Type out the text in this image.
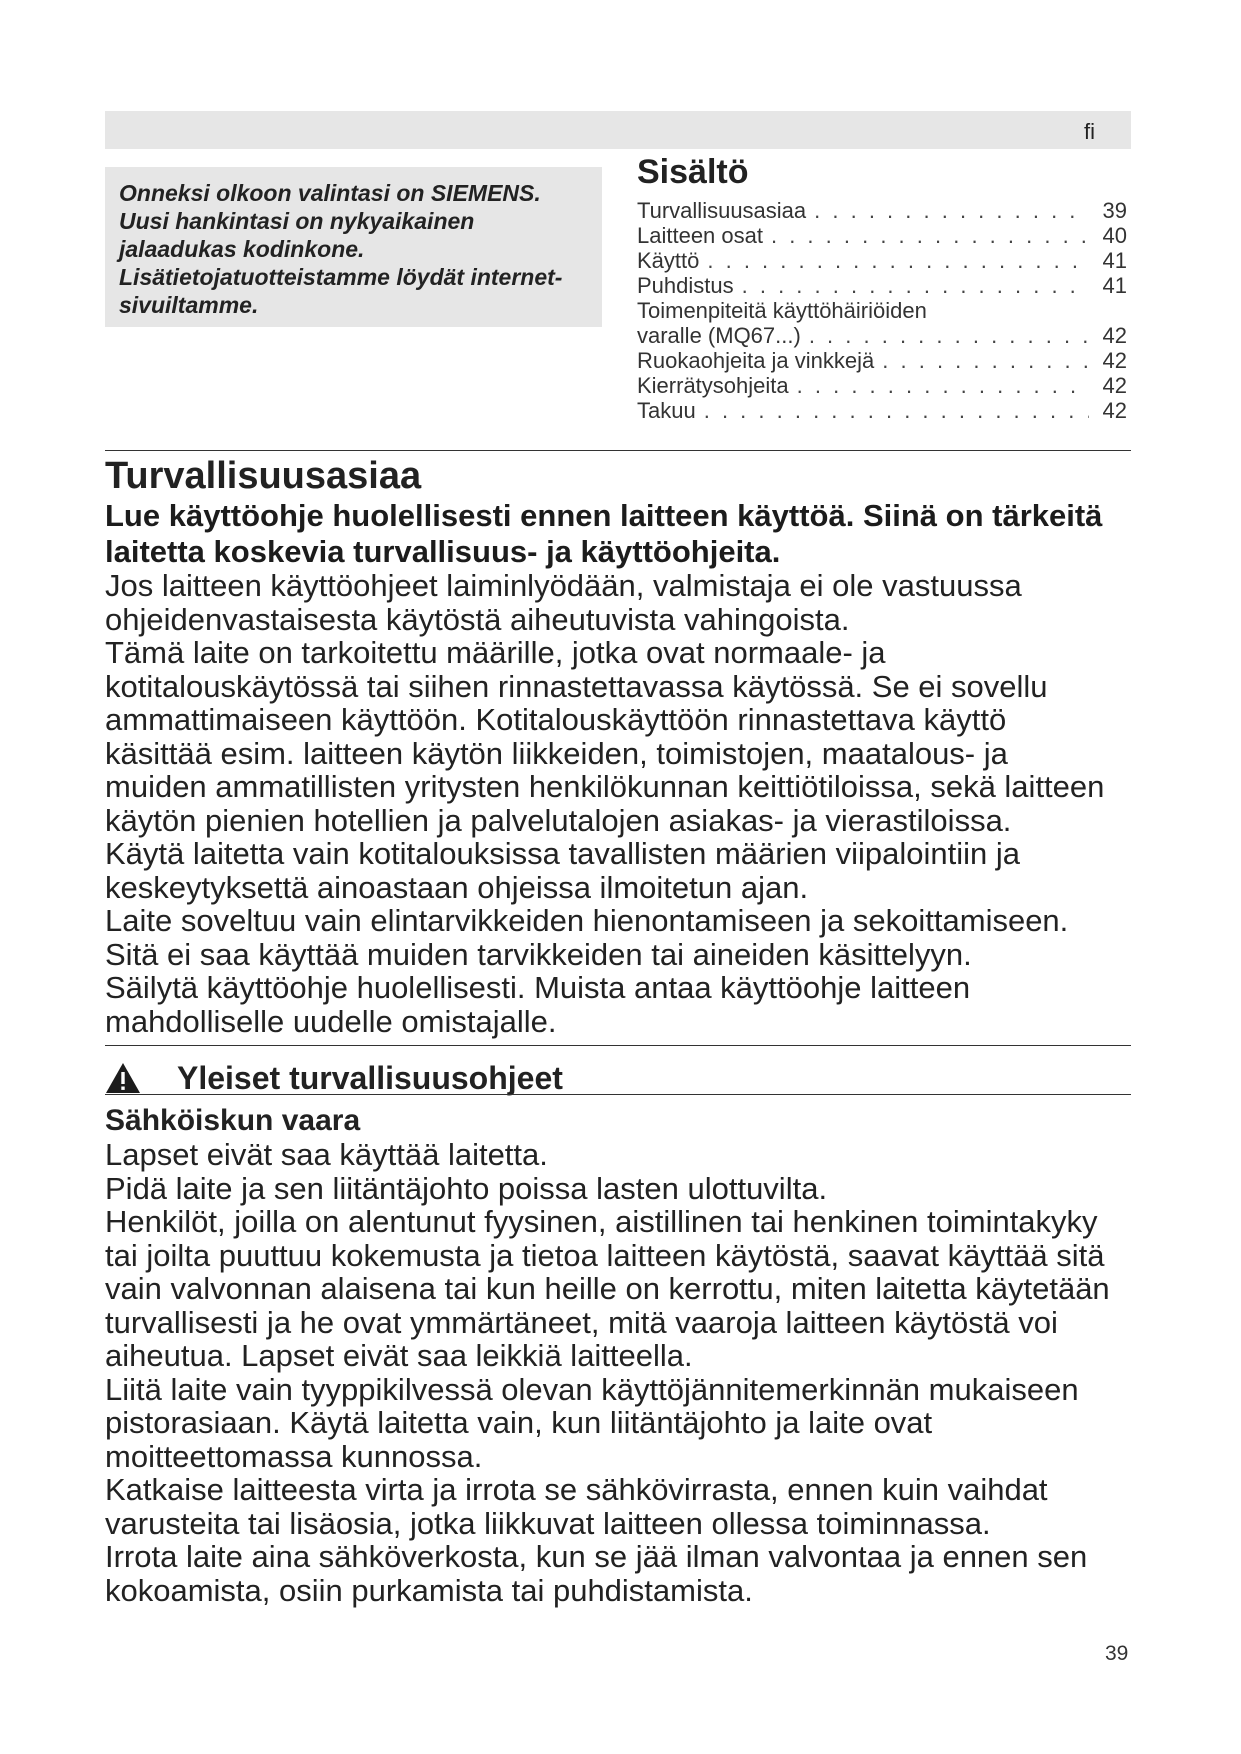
fi
Onneksi olkoon valintasi on SIEMENS.
Uusi hankintasi on nykyaikainen
jalaadukas kodinkone.
Lisätietojatuotteistamme löydät internet-
sivuiltamme.
Sisältö
Turvallisuusasiaa . . .	39
Laitteen osat . . .	40
Käyttö . . .	41
Puhdistus . . .	41
Toimenpiteitä käyttöhäiriöiden
varalle (MQ67...) . . .	42
Ruokaohjeita ja vinkkejä . . .	42
Kierrätysohjeita . . .	42
Takuu . . .	42
Turvallisuusasiaa
Lue käyttöohje huolellisesti ennen laitteen käyttöä. Siinä on tärkeitä
laitetta koskevia turvallisuus- ja käyttöohjeita.
Jos laitteen käyttöohjeet laiminlyödään, valmistaja ei ole vastuussa
ohjeidenvastaisesta käytöstä aiheutuvista vahingoista.
Tämä laite on tarkoitettu määrille, jotka ovat normaale- ja
kotitalouskäytössä tai siihen rinnastettavassa käytössä. Se ei sovellu
ammattimaiseen käyttöön. Kotitalouskäyttöön rinnastettava käyttö
käsittää esim. laitteen käytön liikkeiden, toimistojen, maatalous- ja
muiden ammatillisten yritysten henkilökunnan keittiötiloissa, sekä laitteen
käytön pienien hotellien ja palvelutalojen asiakas- ja vierastiloissa.
Käytä laitetta vain kotitalouksissa tavallisten määrien viipalointiin ja
keskeytyksettä ainoastaan ohjeissa ilmoitetun ajan.
Laite soveltuu vain elintarvikkeiden hienontamiseen ja sekoittamiseen.
Sitä ei saa käyttää muiden tarvikkeiden tai aineiden käsittelyyn.
Säilytä käyttöohje huolellisesti. Muista antaa käyttöohje laitteen
mahdolliselle uudelle omistajalle.
Yleiset turvallisuusohjeet
Sähköiskun vaara
Lapset eivät saa käyttää laitetta.
Pidä laite ja sen liitäntäjohto poissa lasten ulottuvilta.
Henkilöt, joilla on alentunut fyysinen, aistillinen tai henkinen toimintakyky
tai joilta puuttuu kokemusta ja tietoa laitteen käytöstä, saavat käyttää sitä
vain valvonnan alaisena tai kun heille on kerrottu, miten laitetta käytetään
turvallisesti ja he ovat ymmärtäneet, mitä vaaroja laitteen käytöstä voi
aiheutua. Lapset eivät saa leikkiä laitteella.
Liitä laite vain tyyppikilvessä olevan käyttöjännitemerkinnän mukaiseen
pistorasiaan. Käytä laitetta vain, kun liitäntäjohto ja laite ovat
moitteettomassa kunnossa.
Katkaise laitteesta virta ja irrota se sähkövirrasta, ennen kuin vaihdat
varusteita tai lisäosia, jotka liikkuvat laitteen ollessa toiminnassa.
Irrota laite aina sähköverkosta, kun se jää ilman valvontaa ja ennen sen
kokoamista, osiin purkamista tai puhdistamista.
39
